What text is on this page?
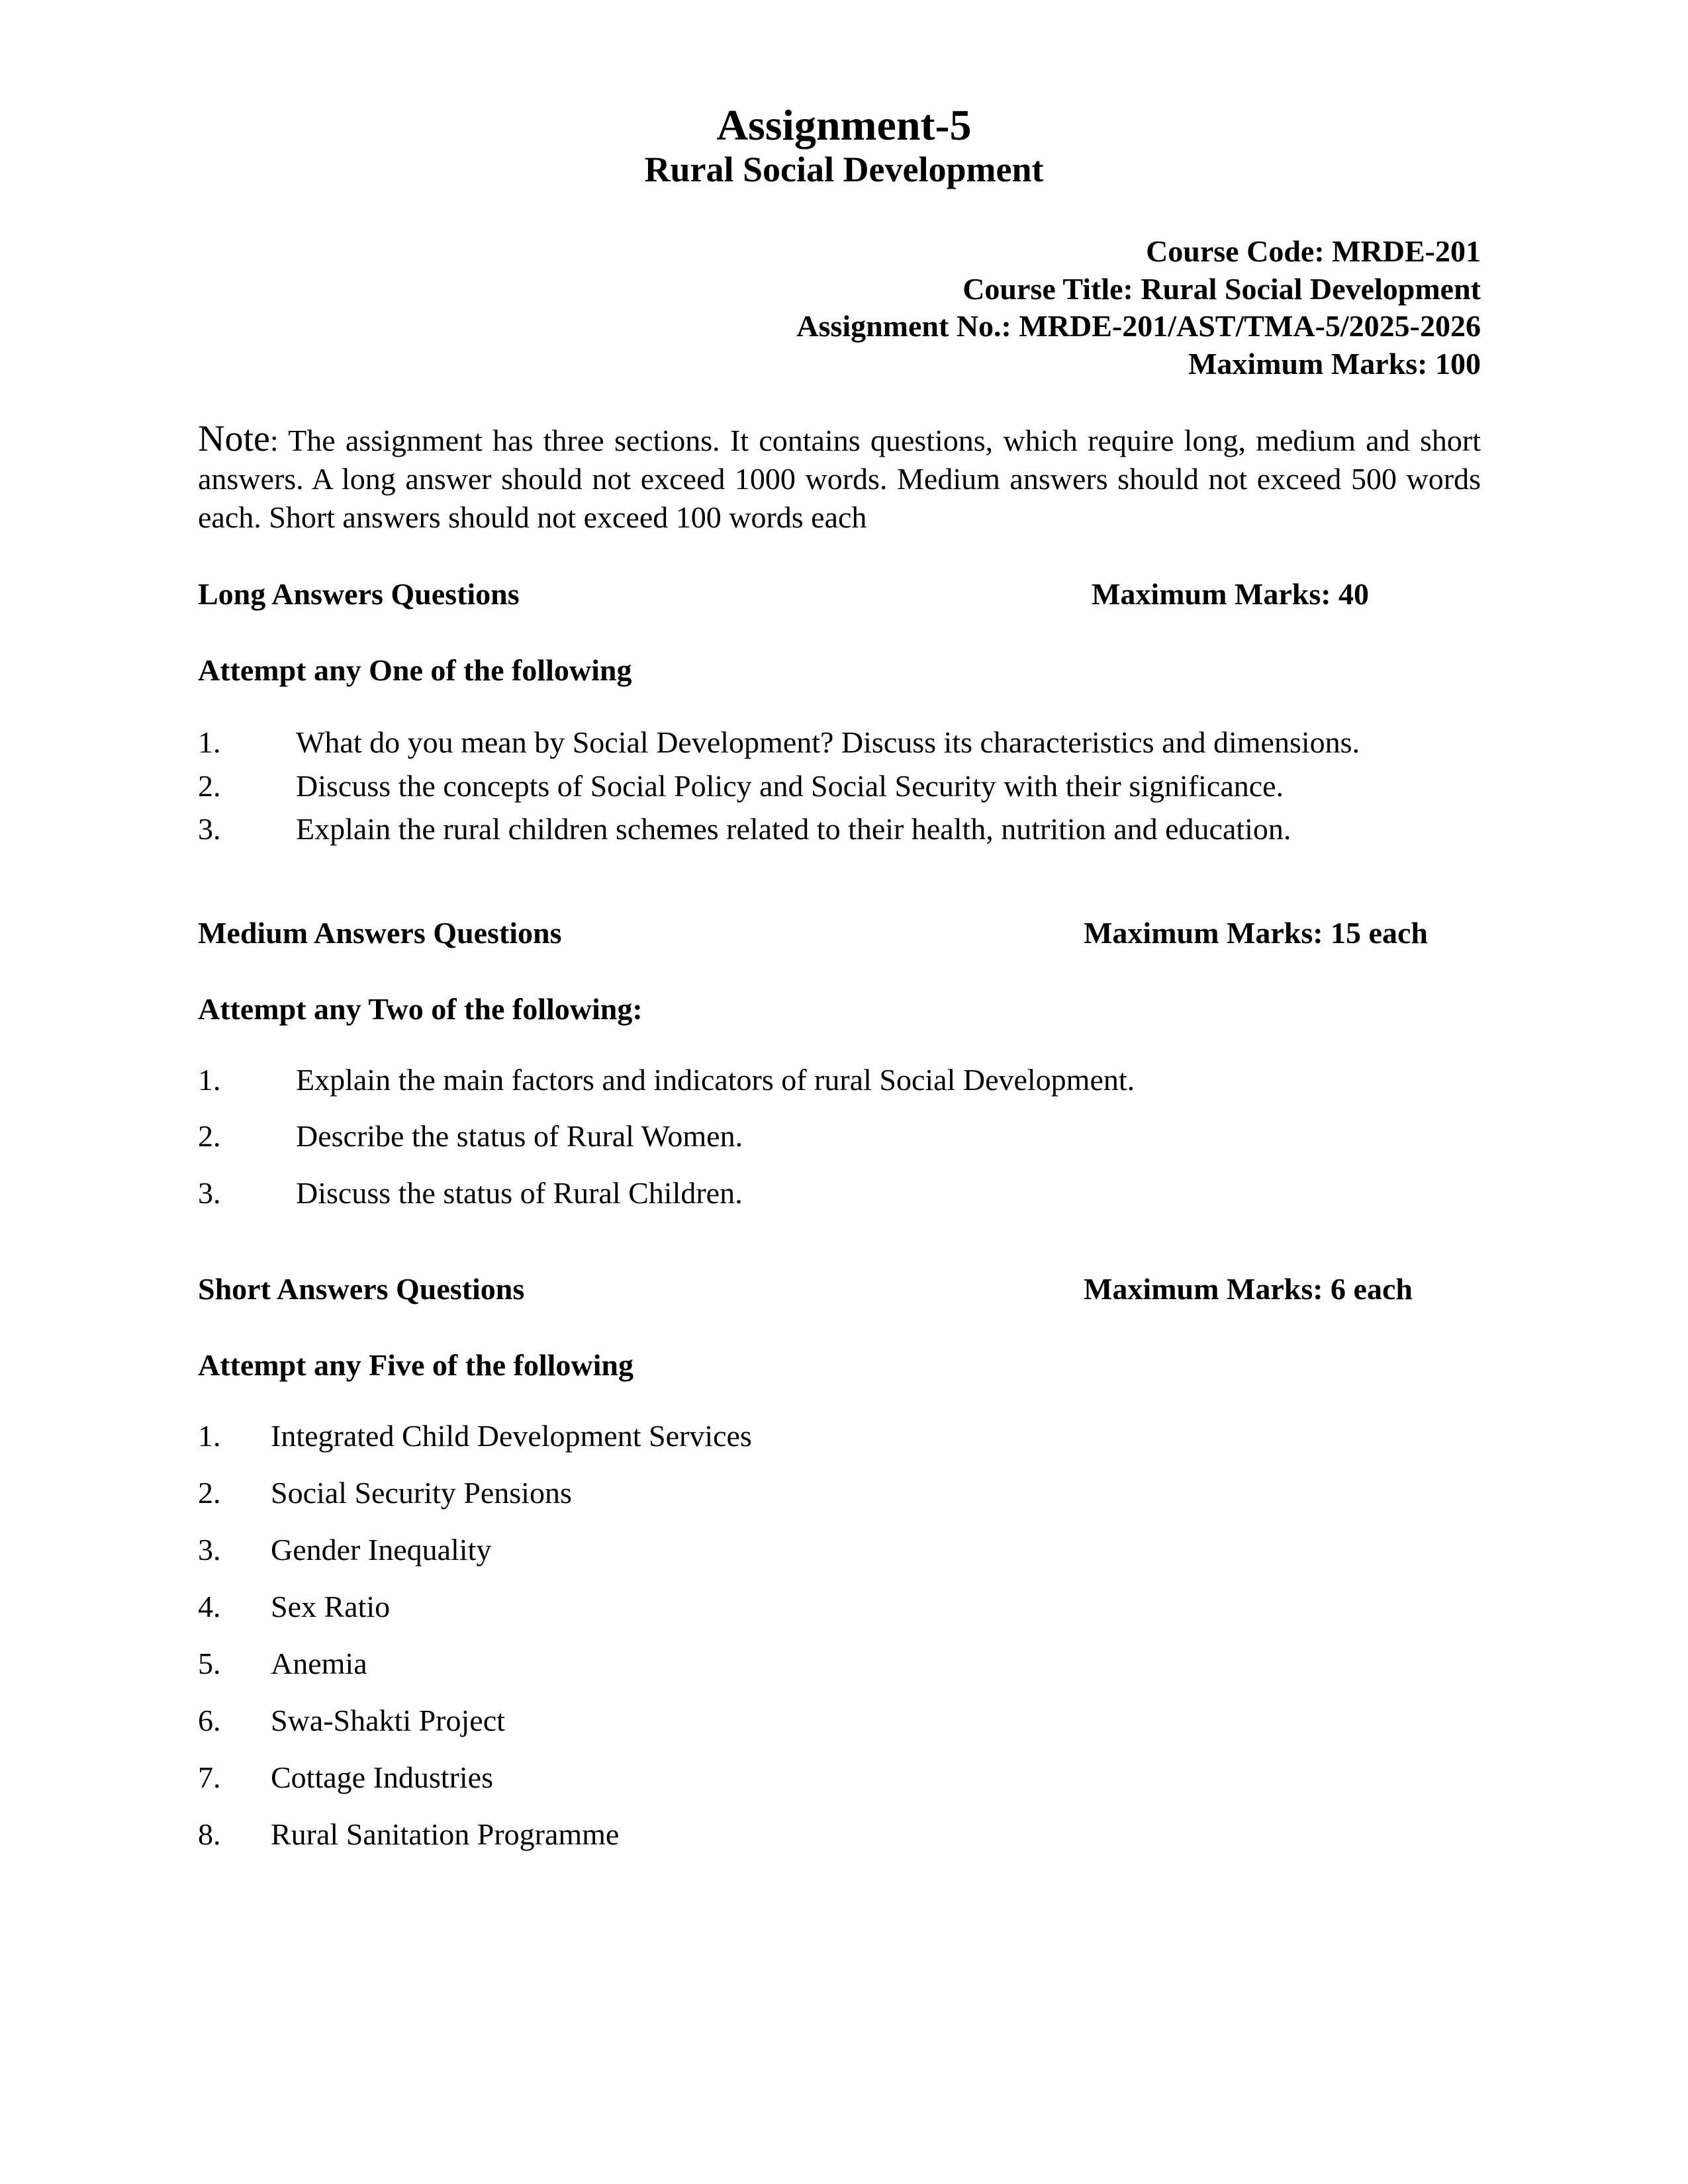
Assignment-5
Rural Social Development
Course Code: MRDE-201
Course Title: Rural Social Development
Assignment No.: MRDE-201/AST/TMA-5/2025-2026
Maximum Marks: 100
Note: The assignment has three sections. It contains questions, which require long, medium and short answers. A long answer should not exceed 1000 words. Medium answers should not exceed 500 words each. Short answers should not exceed 100 words each
Long Answers Questions	Maximum Marks: 40
Attempt any One of the following
1. What do you mean by Social Development? Discuss its characteristics and dimensions.
2. Discuss the concepts of Social Policy and Social Security with their significance.
3. Explain the rural children schemes related to their health, nutrition and education.
Medium Answers Questions	Maximum Marks: 15 each
Attempt any Two of the following:
1. Explain the main factors and indicators of rural Social Development.
2. Describe the status of Rural Women.
3. Discuss the status of Rural Children.
Short Answers Questions	Maximum Marks: 6 each
Attempt any Five of the following
1. Integrated Child Development Services
2. Social Security Pensions
3. Gender Inequality
4. Sex Ratio
5. Anemia
6. Swa-Shakti Project
7. Cottage Industries
8. Rural Sanitation Programme
